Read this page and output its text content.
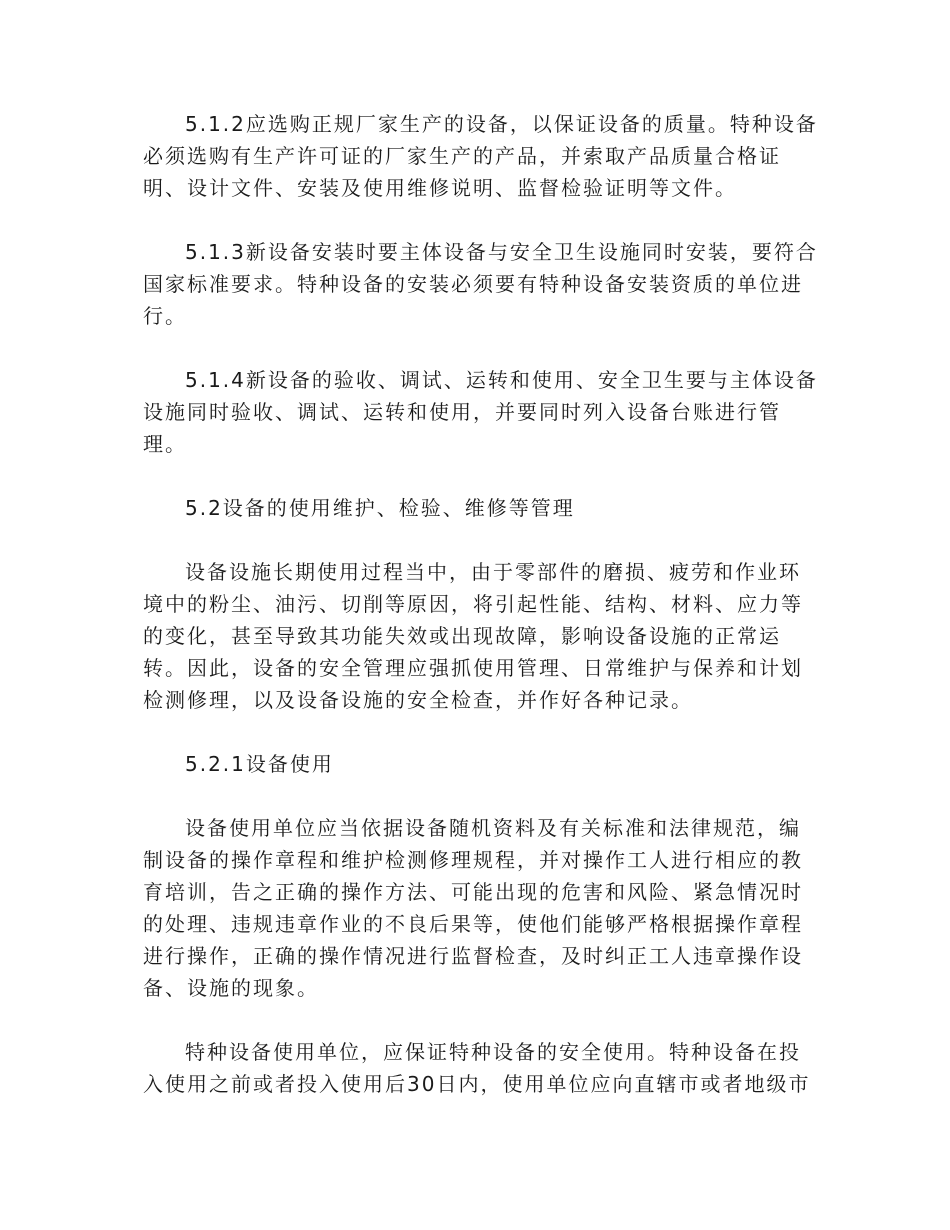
5.1.2应选购正规厂家生产的设备，以保证设备的质量。特种设备
必须选购有生产许可证的厂家生产的产品，并索取产品质量合格证
明、设计文件、安装及使用维修说明、监督检验证明等文件。
5.1.3新设备安装时要主体设备与安全卫生设施同时安装，要符合
国家标准要求。特种设备的安装必须要有特种设备安装资质的单位进
行。
5.1.4新设备的验收、调试、运转和使用、安全卫生要与主体设备
设施同时验收、调试、运转和使用，并要同时列入设备台账进行管
理。
5.2设备的使用维护、检验、维修等管理
设备设施长期使用过程当中，由于零部件的磨损、疲劳和作业环
境中的粉尘、油污、切削等原因，将引起性能、结构、材料、应力等
的变化，甚至导致其功能失效或出现故障，影响设备设施的正常运
转。因此，设备的安全管理应强抓使用管理、日常维护与保养和计划
检测修理，以及设备设施的安全检查，并作好各种记录。
5.2.1设备使用
设备使用单位应当依据设备随机资料及有关标准和法律规范，编
制设备的操作章程和维护检测修理规程，并对操作工人进行相应的教
育培训，告之正确的操作方法、可能出现的危害和风险、紧急情况时
的处理、违规违章作业的不良后果等，使他们能够严格根据操作章程
进行操作，正确的操作情况进行监督检查，及时纠正工人违章操作设
备、设施的现象。
特种设备使用单位，应保证特种设备的安全使用。特种设备在投
入使用之前或者投入使用后30日内，使用单位应向直辖市或者地级市
